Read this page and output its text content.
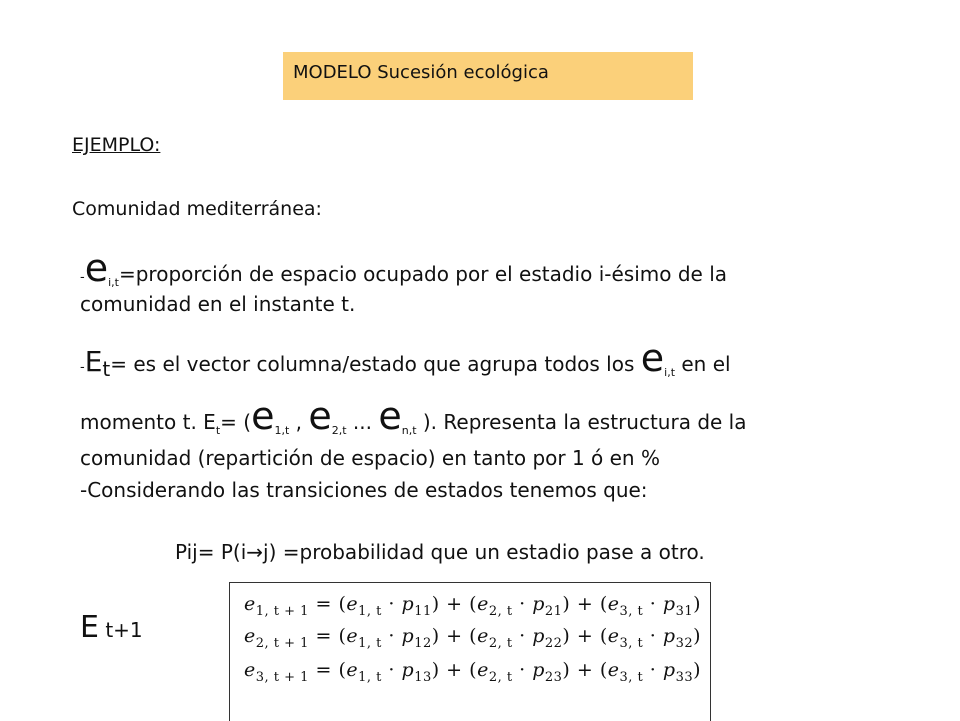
MODELO Sucesión ecológica
EJEMPLO:
Comunidad mediterránea:
$-e_{i,t}=proporción$ de espacio ocupado por el estadio i-ésimo de la
comunidad en el instante t.
$-E_t=$ es el vector columna/estado que agrupa todos los $e_{i,t}$ en el
momento t. $E_t= (e_{1,t}$ , $e_{2,t}$ ... $e_{n,t}$ ). Representa la estructura de la
comunidad (repartición de espacio) en tanto por 1 ó en %
-Considerando las transiciones de estados tenemos que:
Pij= P(i→j) =probabilidad que un estadio pase a otro.
E t+1
$e_{1, t + 1} = (e_{1, t} \cdot p_{11}) + (e_{2, t} \cdot p_{21}) + (e_{3, t} \cdot p_{31})$
$e_{2, t + 1} = (e_{1, t} \cdot p_{12}) + (e_{2, t} \cdot p_{22}) + (e_{3, t} \cdot p_{32})$
$e_{3, t + 1} = (e_{1, t} \cdot p_{13}) + (e_{2, t} \cdot p_{23}) + (e_{3, t} \cdot p_{33})$
